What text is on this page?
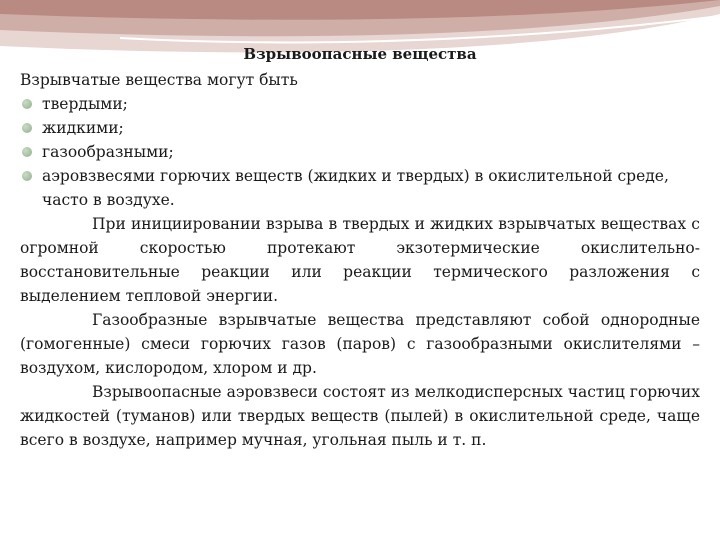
Взрывоопасные вещества

Взрывчатые вещества могут быть

твердыми;
жидкими;
газообразными;
аэровзвесями горючих веществ (жидких и твердых) в окислительной среде, часто в воздухе.

При инициировании взрыва в твердых и жидких взрывчатых веществах с огромной скоростью протекают экзотермические окислительно-восстановительные реакции или реакции термического разложения с выделением тепловой энергии.

Газообразные взрывчатые вещества представляют собой однородные (гомогенные) смеси горючих газов (паров) с газообразными окислителями – воздухом, кислородом, хлором и др.

Взрывоопасные аэровзвеси состоят из мелкодисперсных частиц горючих жидкостей (туманов) или твердых веществ (пылей) в окислительной среде, чаще всего в воздухе, например мучная, угольная пыль и т. п.
